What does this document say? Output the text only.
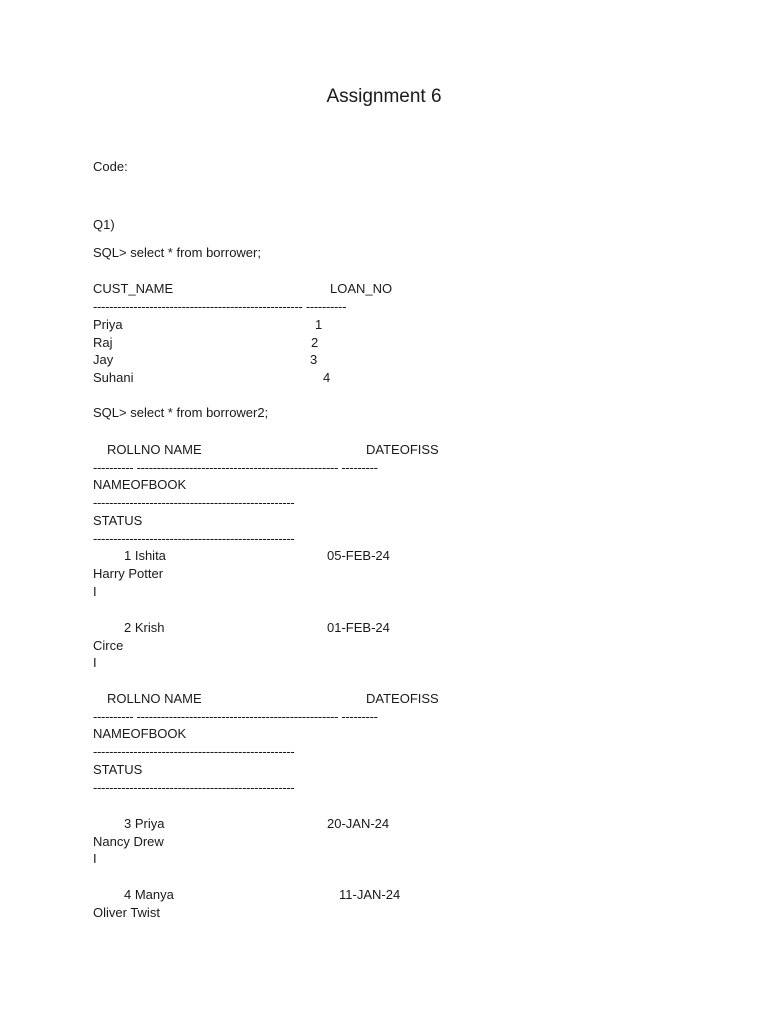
Assignment 6
Code:
Q1)
SQL> select * from borrower;
CUST_NAME	LOAN_NO
---------------------------------------------------- ----------
Priya	1
Raj	2
Jay	3
Suhani	4
SQL> select * from borrower2;
ROLLNO NAME	DATEOFISS
---------- -------------------------------------------------- ---------
NAMEOFBOOK
--------------------------------------------------
STATUS
--------------------------------------------------
1 Ishita	05-FEB-24
Harry Potter
I
2 Krish	01-FEB-24
Circe
I
ROLLNO NAME	DATEOFISS
---------- -------------------------------------------------- ---------
NAMEOFBOOK
--------------------------------------------------
STATUS
--------------------------------------------------
3 Priya	20-JAN-24
Nancy Drew
I
4 Manya	11-JAN-24
Oliver Twist
